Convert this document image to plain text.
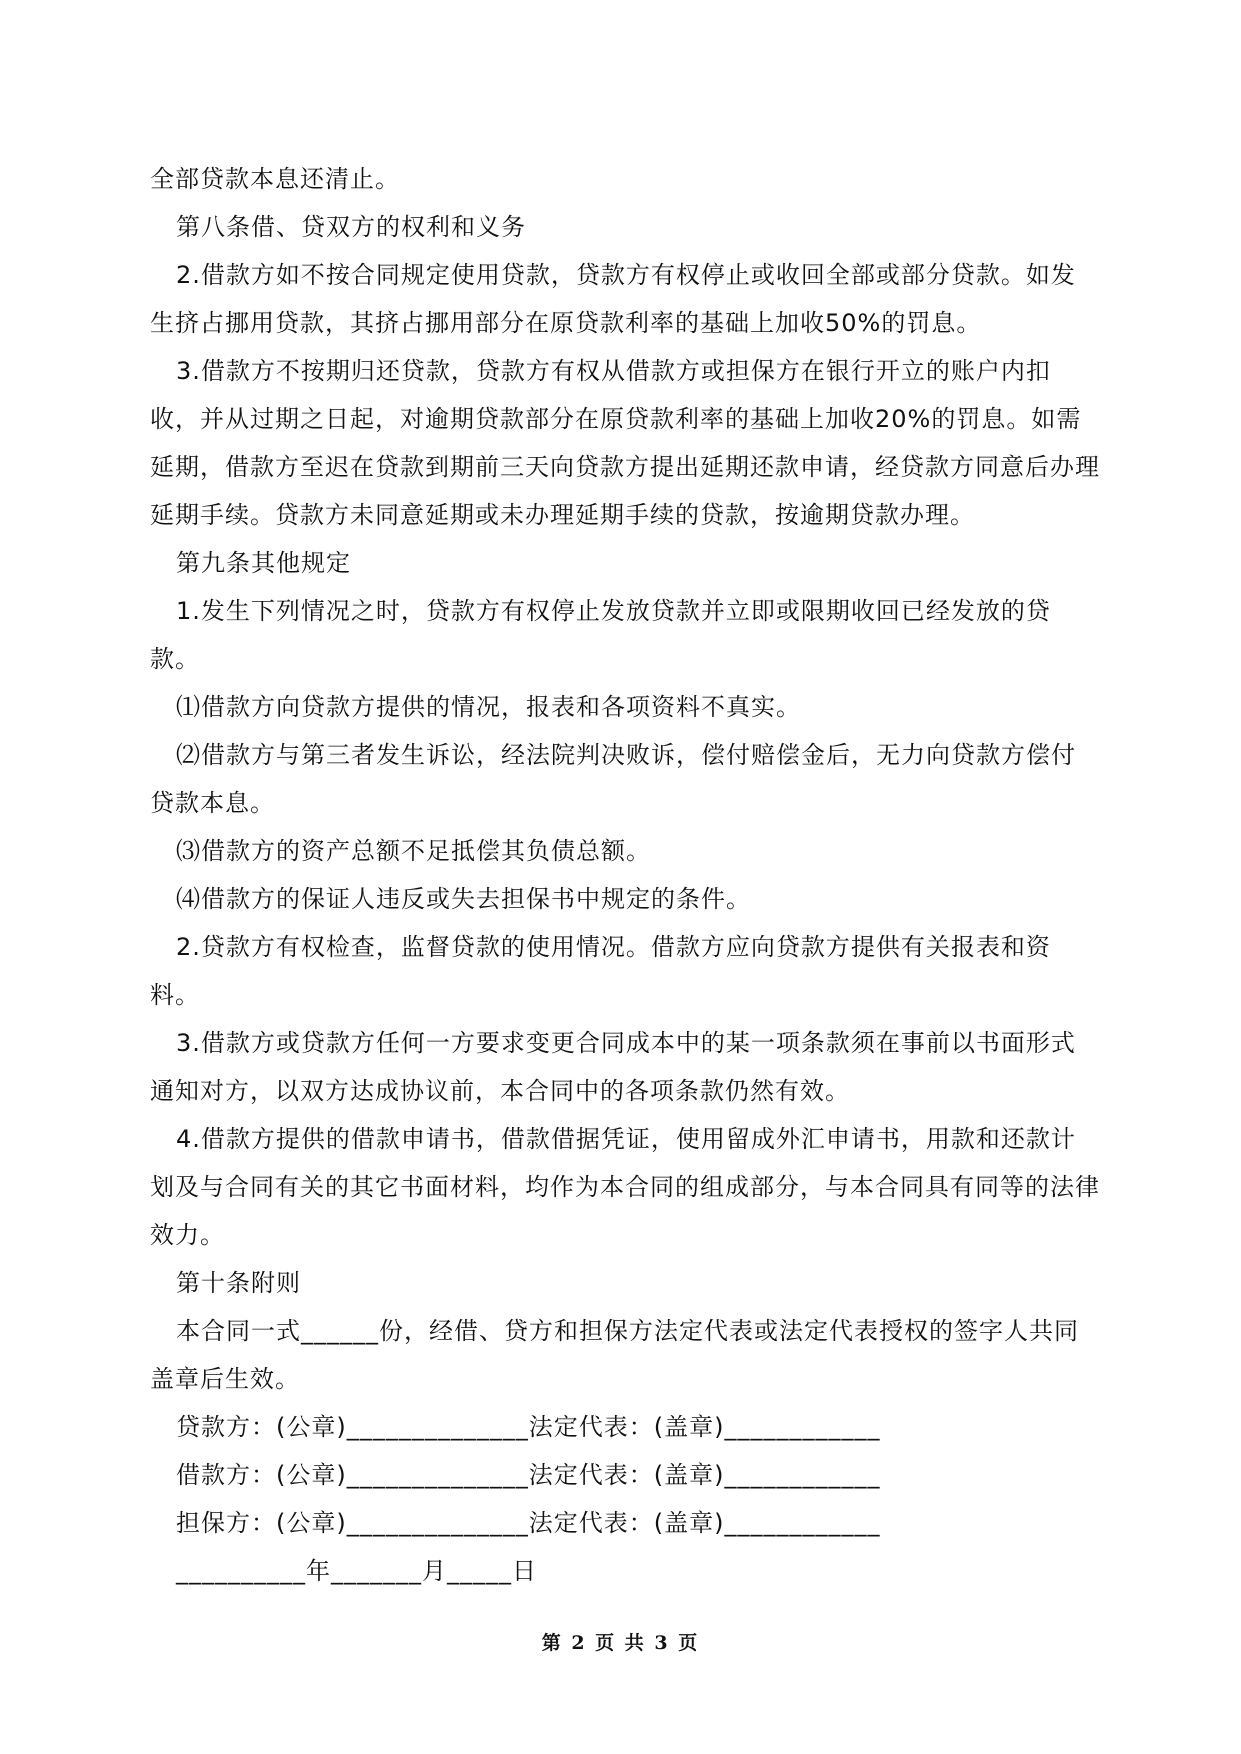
全部贷款本息还清止。

第八条借、贷双方的权利和义务

2.借款方如不按合同规定使用贷款，贷款方有权停止或收回全部或部分贷款。如发生挤占挪用贷款，其挤占挪用部分在原贷款利率的基础上加收50%的罚息。

3.借款方不按期归还贷款，贷款方有权从借款方或担保方在银行开立的账户内扣收，并从过期之日起，对逾期贷款部分在原贷款利率的基础上加收20%的罚息。如需延期，借款方至迟在贷款到期前三天向贷款方提出延期还款申请，经贷款方同意后办理延期手续。贷款方未同意延期或未办理延期手续的贷款，按逾期贷款办理。

第九条其他规定

1.发生下列情况之时，贷款方有权停止发放贷款并立即或限期收回已经发放的贷款。

⑴借款方向贷款方提供的情况，报表和各项资料不真实。

⑵借款方与第三者发生诉讼，经法院判决败诉，偿付赔偿金后，无力向贷款方偿付贷款本息。

⑶借款方的资产总额不足抵偿其负债总额。

⑷借款方的保证人违反或失去担保书中规定的条件。

2.贷款方有权检查，监督贷款的使用情况。借款方应向贷款方提供有关报表和资料。

3.借款方或贷款方任何一方要求变更合同成本中的某一项条款须在事前以书面形式通知对方，以双方达成协议前，本合同中的各项条款仍然有效。

4.借款方提供的借款申请书，借款借据凭证，使用留成外汇申请书，用款和还款计划及与合同有关的其它书面材料，均作为本合同的组成部分，与本合同具有同等的法律效力。

第十条附则

本合同一式______份，经借、贷方和担保方法定代表或法定代表授权的签字人共同盖章后生效。

贷款方：(公章)______________法定代表：(盖章)____________

借款方：(公章)______________法定代表：(盖章)____________

担保方：(公章)______________法定代表：(盖章)____________

__________年_______月_____日

第 2 页 共 3 页
